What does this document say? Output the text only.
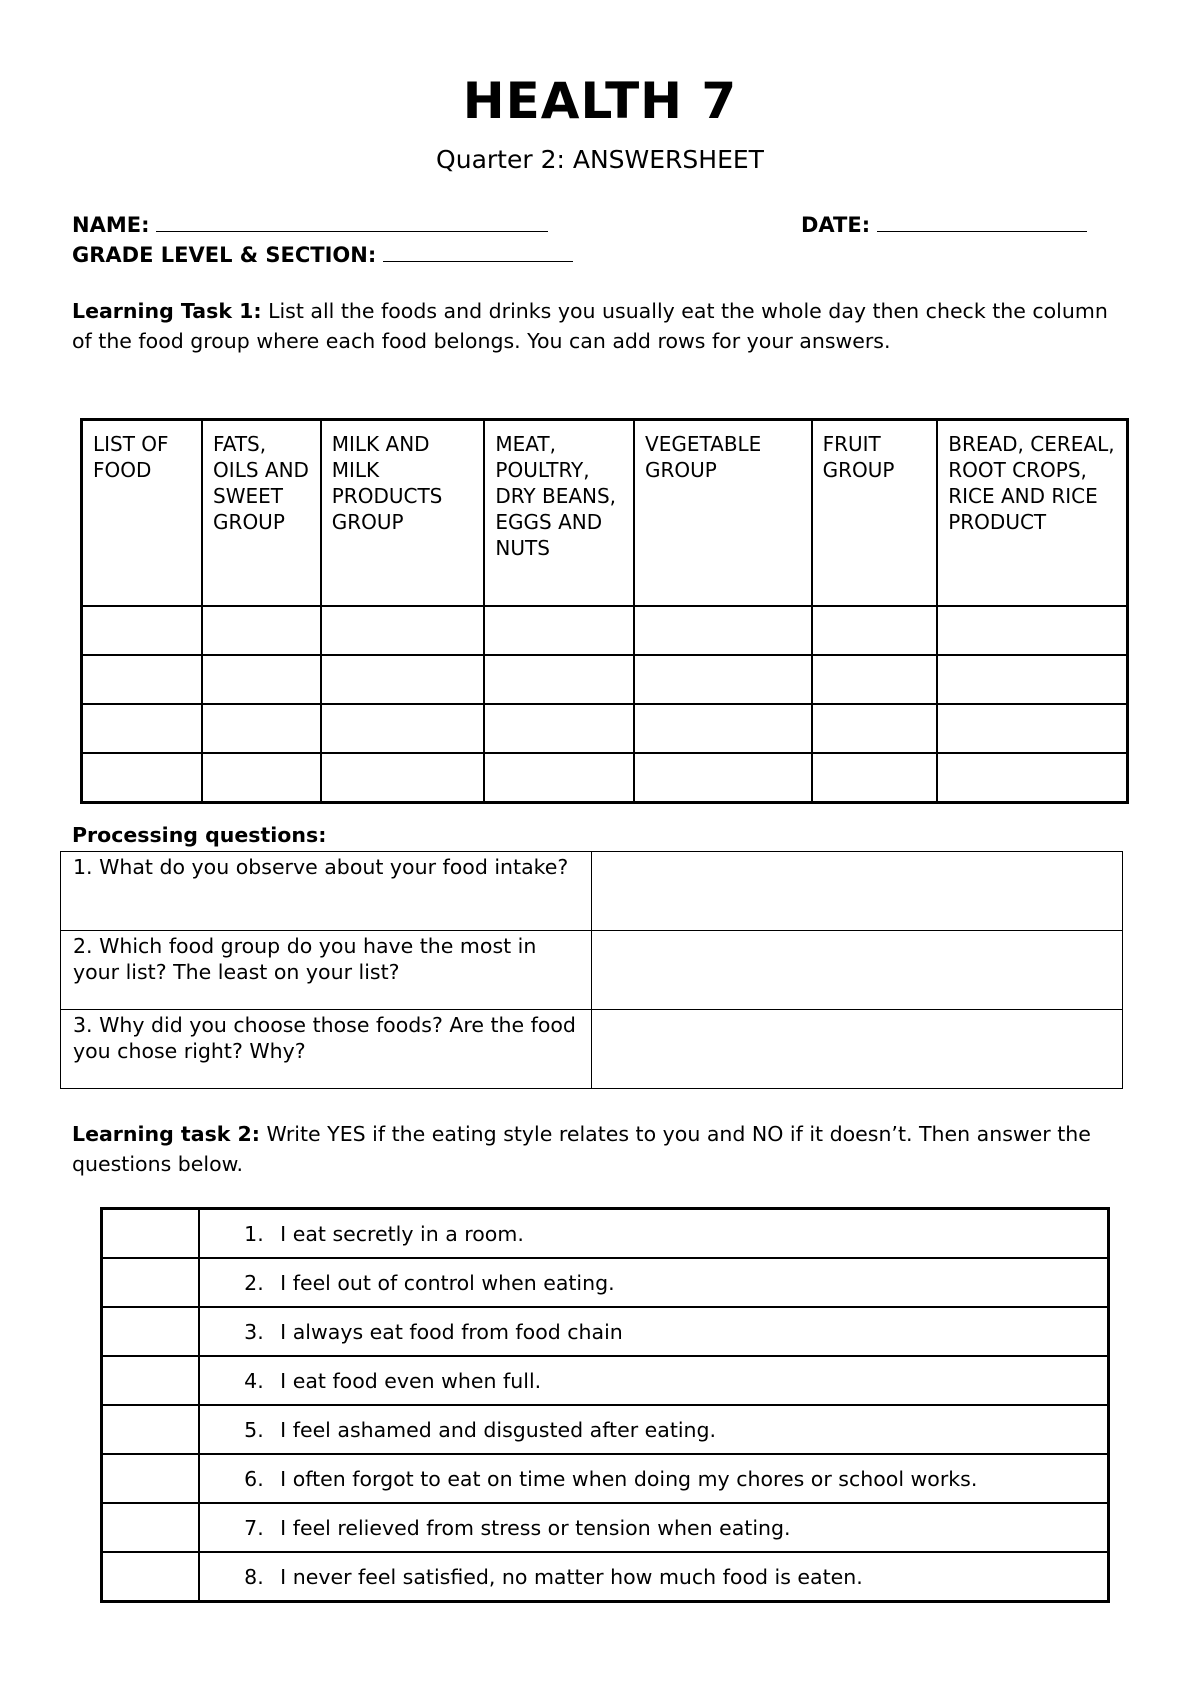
HEALTH 7
Quarter 2: ANSWERSHEET
NAME:	DATE:
GRADE LEVEL & SECTION:
Learning Task 1: List all the foods and drinks you usually eat the whole day then check the column of the food group where each food belongs. You can add rows for your answers.
LIST OF FOOD	FATS, OILS AND SWEET GROUP	MILK AND MILK PRODUCTS GROUP	MEAT, POULTRY, DRY BEANS, EGGS AND NUTS	VEGETABLE GROUP	FRUIT GROUP	BREAD, CEREAL, ROOT CROPS, RICE AND RICE PRODUCT

Processing questions:
1. What do you observe about your food intake?	
2. Which food group do you have the most in your list? The least on your list?	
3. Why did you choose those foods? Are the food you chose right? Why?	
Learning task 2: Write YES if the eating style relates to you and NO if it doesn’t. Then answer the questions below.
	1. I eat secretly in a room.
	2. I feel out of control when eating.
	3. I always eat food from food chain
	4. I eat food even when full.
	5. I feel ashamed and disgusted after eating.
	6. I often forgot to eat on time when doing my chores or school works.
	7. I feel relieved from stress or tension when eating.
	8. I never feel satisfied, no matter how much food is eaten.
